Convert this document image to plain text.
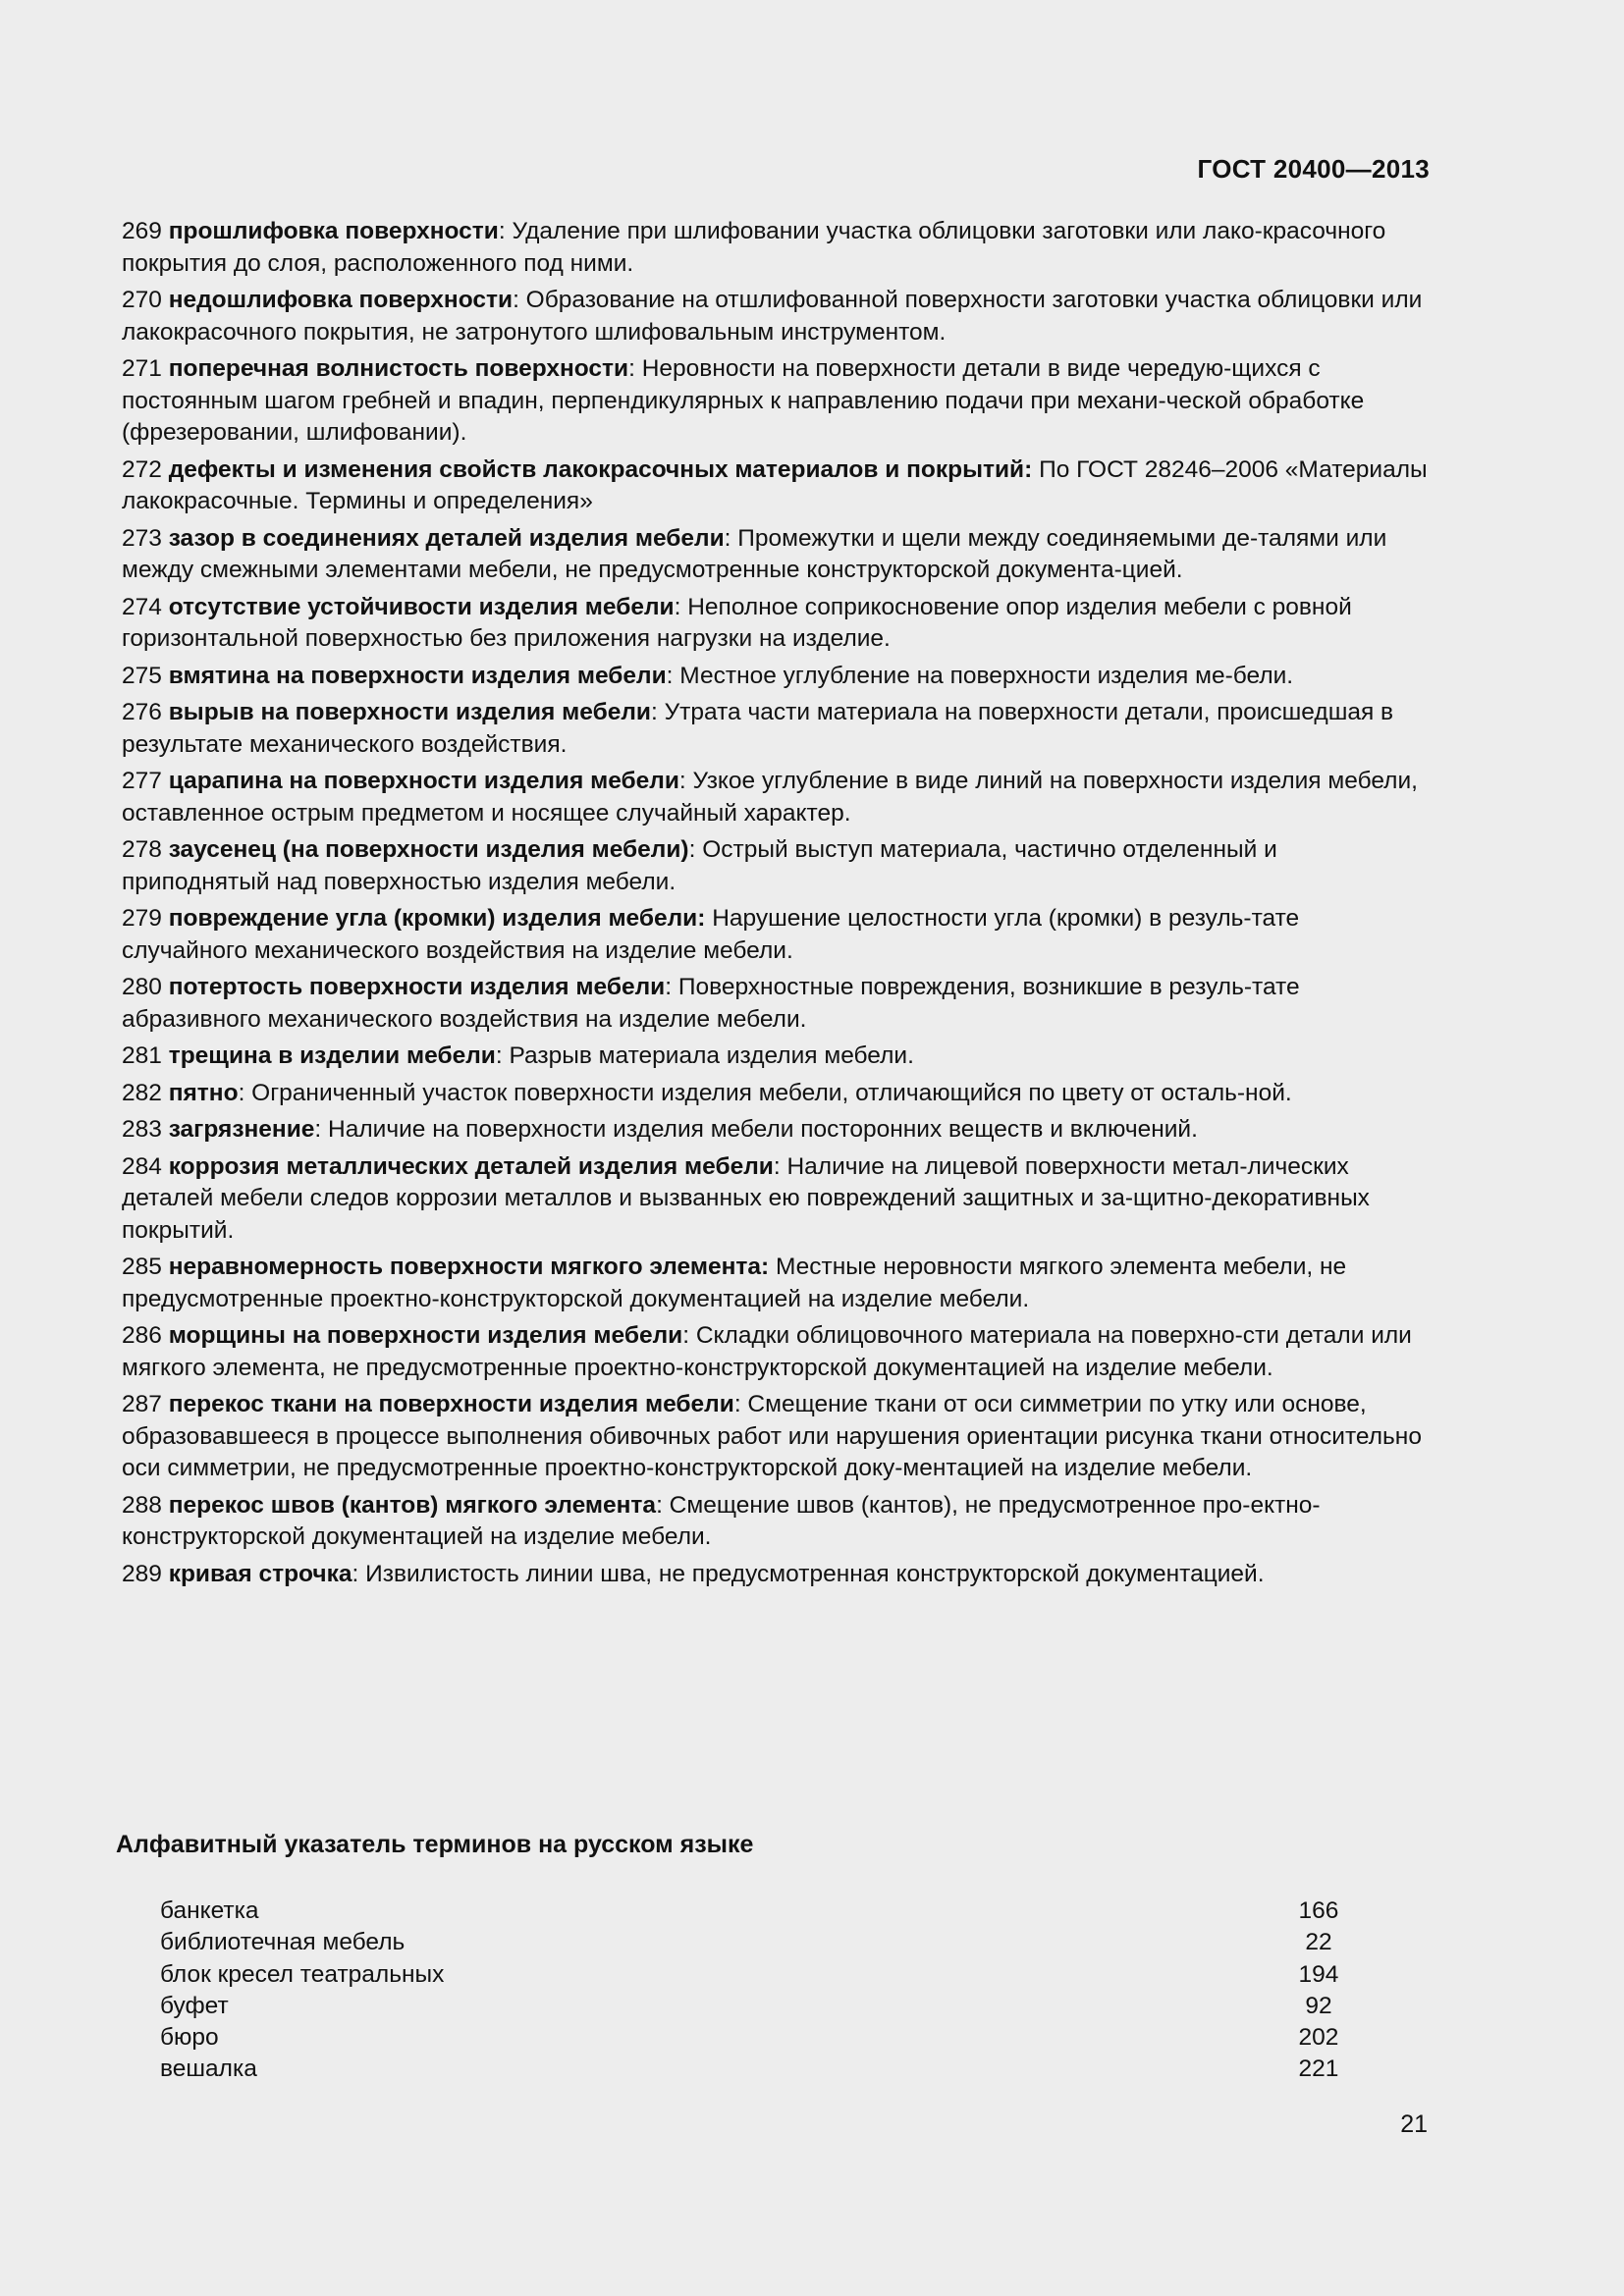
ГОСТ 20400—2013

269 прошлифовка поверхности: Удаление при шлифовании участка облицовки заготовки или лако-красочного покрытия до слоя, расположенного под ними.

270 недошлифовка поверхности: Образование на отшлифованной поверхности заготовки участка облицовки или лакокрасочного покрытия, не затронутого шлифовальным инструментом.

271 поперечная волнистость поверхности: Неровности на поверхности детали в виде чередую-щихся с постоянным шагом гребней и впадин, перпендикулярных к направлению подачи при механи-ческой обработке (фрезеровании, шлифовании).

272 дефекты и изменения свойств лакокрасочных материалов и покрытий: По ГОСТ 28246–2006 «Материалы лакокрасочные. Термины и определения»

273 зазор в соединениях деталей изделия мебели: Промежутки и щели между соединяемыми де-талями или между смежными элементами мебели, не предусмотренные конструкторской документа-цией.

274 отсутствие устойчивости изделия мебели: Неполное соприкосновение опор изделия мебели с ровной горизонтальной поверхностью без приложения нагрузки на изделие.

275 вмятина на поверхности изделия мебели: Местное углубление на поверхности изделия ме-бели.

276 вырыв на поверхности изделия мебели: Утрата части материала на поверхности детали, происшедшая в результате механического воздействия.

277 царапина на поверхности изделия мебели: Узкое углубление в виде линий на поверхности изделия мебели, оставленное острым предметом и носящее случайный характер.

278 заусенец (на поверхности изделия мебели): Острый выступ материала, частично отделенный и приподнятый над поверхностью изделия мебели.

279 повреждение угла (кромки) изделия мебели: Нарушение целостности угла (кромки) в резуль-тате случайного механического воздействия на изделие мебели.

280 потертость поверхности изделия мебели: Поверхностные повреждения, возникшие в резуль-тате абразивного механического воздействия на изделие мебели.

281 трещина в изделии мебели: Разрыв материала изделия мебели.

282 пятно: Ограниченный участок поверхности изделия мебели, отличающийся по цвету от осталь-ной.

283 загрязнение: Наличие на поверхности изделия мебели посторонних веществ и включений.

284 коррозия металлических деталей изделия мебели: Наличие на лицевой поверхности метал-лических деталей мебели следов коррозии металлов и вызванных ею повреждений защитных и за-щитно-декоративных покрытий.

285 неравномерность поверхности мягкого элемента: Местные неровности мягкого элемента мебели, не предусмотренные проектно-конструкторской документацией на изделие мебели.

286 морщины на поверхности изделия мебели: Складки облицовочного материала на поверхно-сти детали или мягкого элемента, не предусмотренные проектно-конструкторской документацией на изделие мебели.

287 перекос ткани на поверхности изделия мебели: Смещение ткани от оси симметрии по утку или основе, образовавшееся в процессе выполнения обивочных работ или нарушения ориентации рисунка ткани относительно оси симметрии, не предусмотренные проектно-конструкторской доку-ментацией на изделие мебели.

288 перекос швов (кантов) мягкого элемента: Смещение швов (кантов), не предусмотренное про-ектно-конструкторской документацией на изделие мебели.

289 кривая строчка: Извилистость линии шва, не предусмотренная конструкторской документацией.

Алфавитный указатель терминов на русском языке
банкетка	166
библиотечная мебель	22
блок кресел театральных	194
буфет	92
бюро	202
вешалка	221
21
